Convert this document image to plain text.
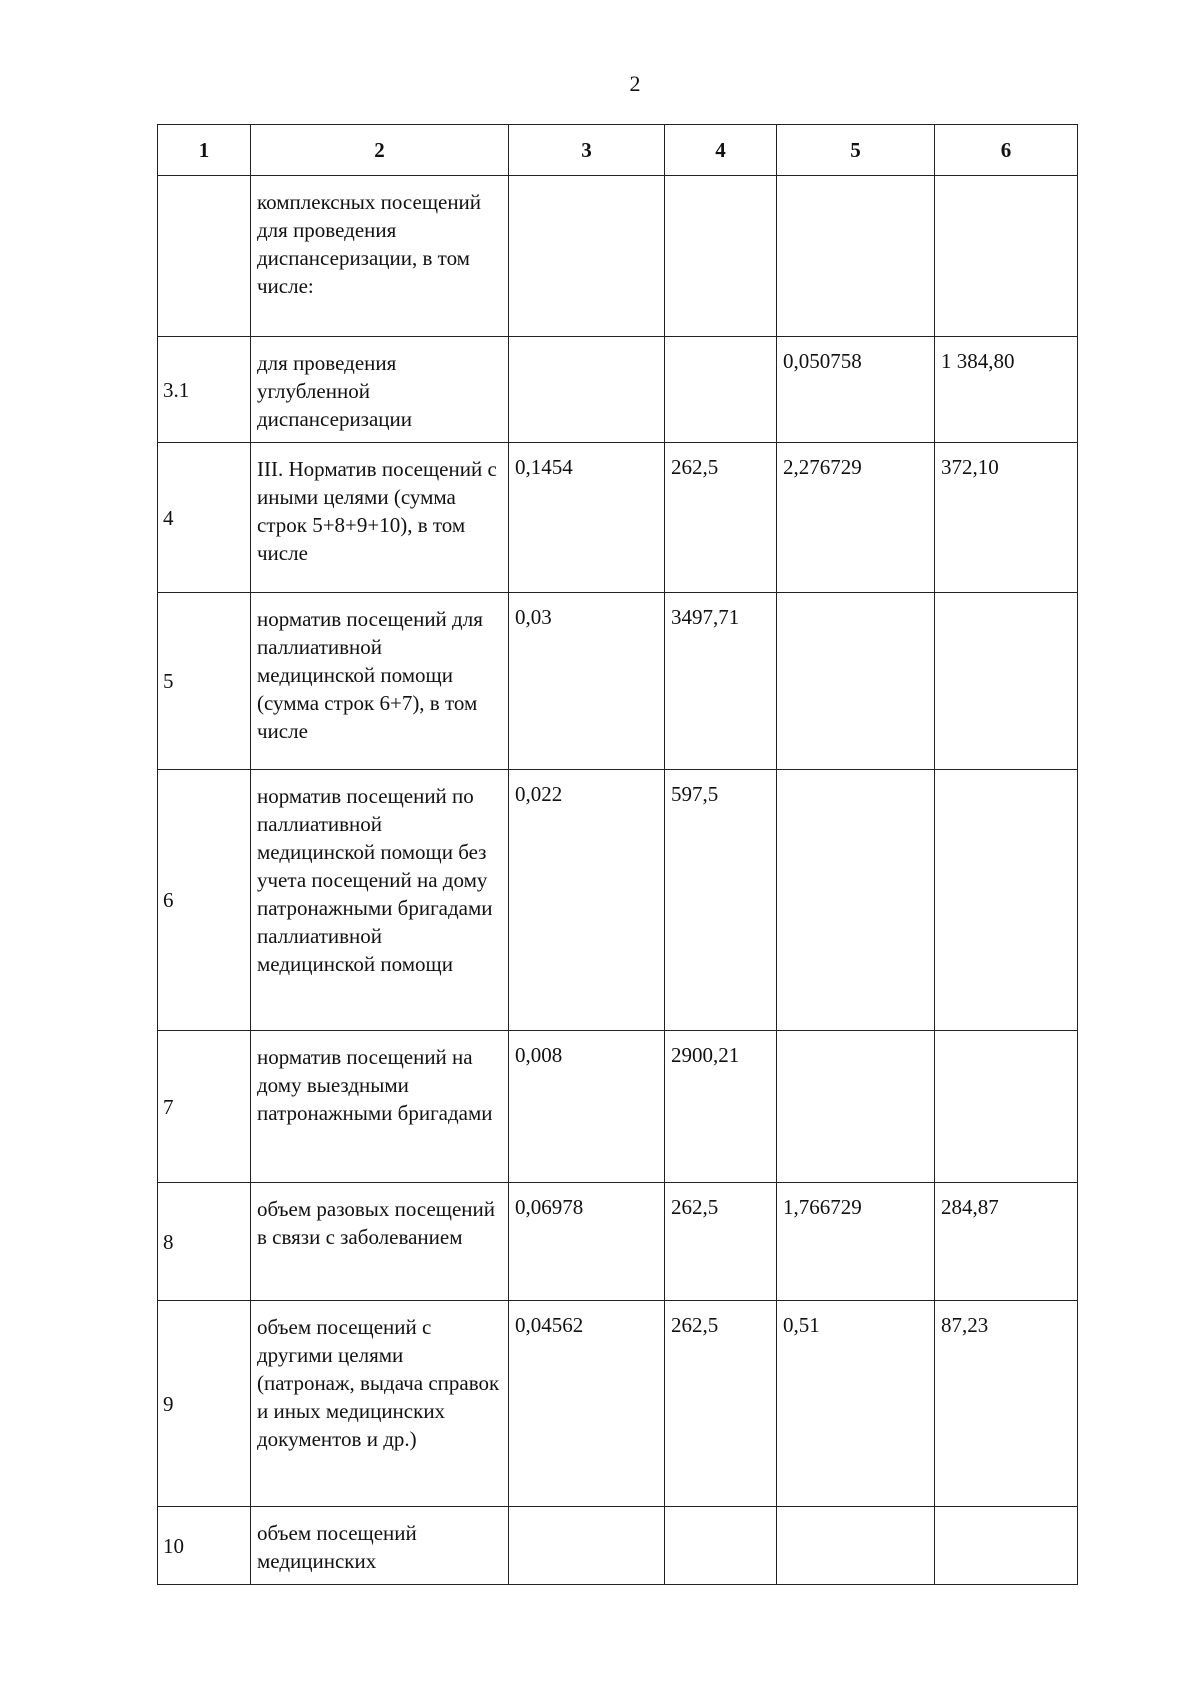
2
1	2	3	4	5	6
	комплексных посещений для проведения диспансеризации, в том числе:				
3.1	для проведения углубленной диспансеризации			0,050758	1 384,80
4	III. Норматив посещений с иными целями (сумма строк 5+8+9+10), в том числе	0,1454	262,5	2,276729	372,10
5	норматив посещений для паллиативной медицинской помощи (сумма строк 6+7), в том числе	0,03	3497,71		
6	норматив посещений по паллиативной медицинской помощи без учета посещений на дому патронажными бригадами паллиативной медицинской помощи	0,022	597,5		
7	норматив посещений на дому выездными патронажными бригадами	0,008	2900,21		
8	объем разовых посещений в связи с заболеванием	0,06978	262,5	1,766729	284,87
9	объем посещений с другими целями (патронаж, выдача справок и иных медицинских документов и др.)	0,04562	262,5	0,51	87,23
10	объем посещений медицинских				
